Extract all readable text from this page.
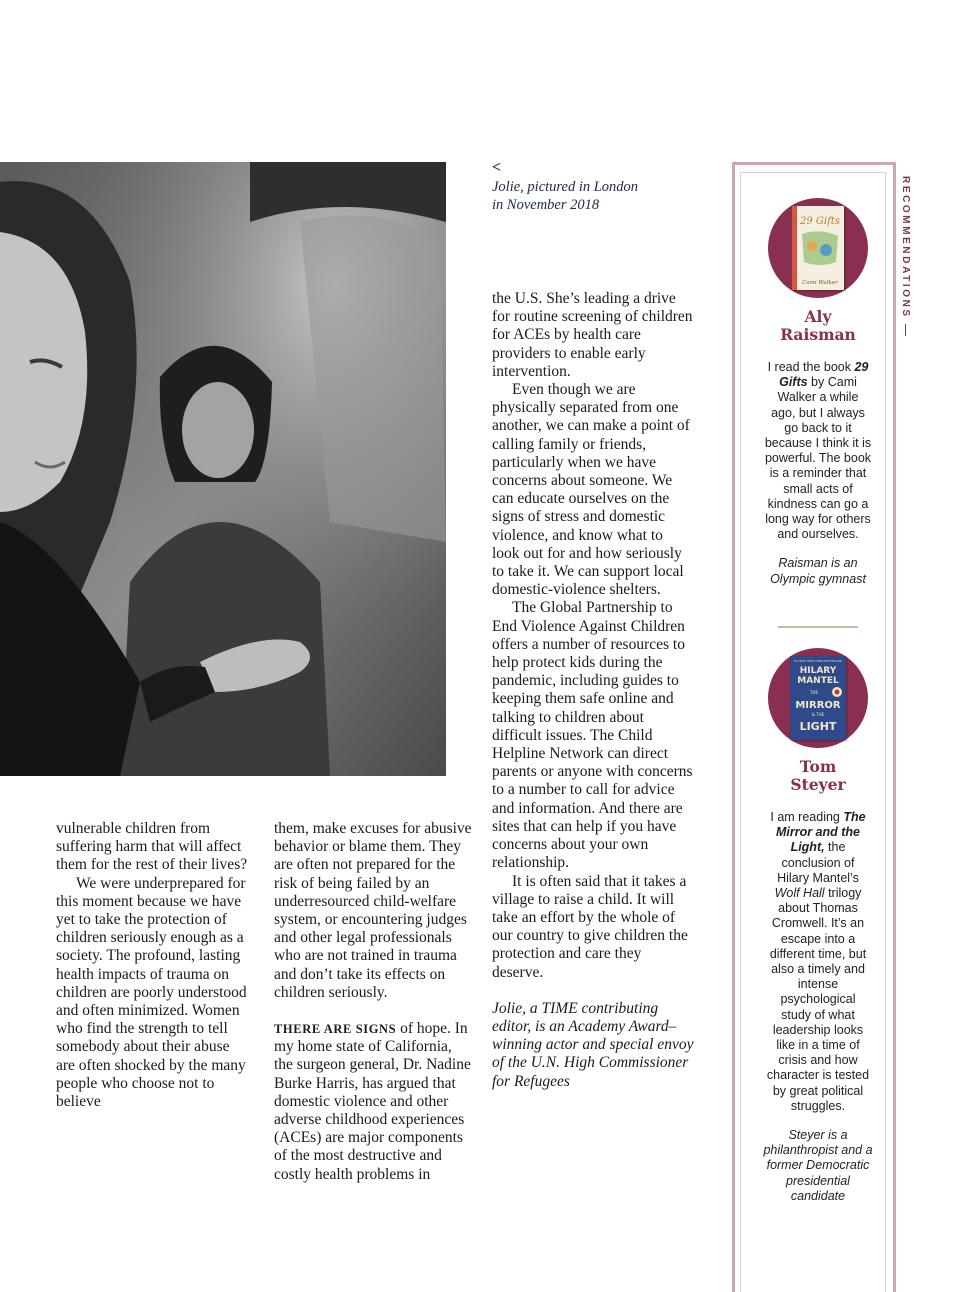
<
Jolie, pictured in London
in November 2018

vulnerable children from suffering harm that will affect them for the rest of their lives?

We were underprepared for this moment because we have yet to take the protection of children seriously enough as a society. The profound, lasting health impacts of trauma on children are poorly understood and often minimized. Women who find the strength to tell somebody about their abuse are often shocked by the many people who choose not to believe

them, make excuses for abusive behavior or blame them. They are often not prepared for the risk of being failed by an underresourced child-welfare system, or encountering judges and other legal professionals who are not trained in trauma and don’t take its effects on children seriously.

THERE ARE SIGNS of hope. In my home state of California, the surgeon general, Dr. Nadine Burke Harris, has argued that domestic violence and other adverse childhood experiences (ACEs) are major components of the most destructive and costly health problems in

the U.S. She’s leading a drive for routine screening of children for ACEs by health care providers to enable early intervention.

Even though we are physically separated from one another, we can make a point of calling family or friends, particularly when we have concerns about someone. We can educate ourselves on the signs of stress and domestic violence, and know what to look out for and how seriously to take it. We can support local domestic-violence shelters.

The Global Partnership to End Violence Against Children offers a number of resources to help protect kids during the pandemic, including guides to keeping them safe online and talking to children about difficult issues. The Child Helpline Network can direct parents or anyone with concerns to a number to call for advice and information. And there are sites that can help if you have concerns about your own relationship.

It is often said that it takes a village to raise a child. It will take an effort by the whole of our country to give children the protection and care they deserve.

Jolie, a TIME contributing editor, is an Academy Award–winning actor and special envoy of the U.N. High Commissioner for Refugees

RECOMMENDATIONS
29 Gifts
Cami Walker
Aly
Raisman
I read the book 29 Gifts by Cami Walker a while ago, but I always go back to it because I think it is powerful. The book is a reminder that small acts of kindness can go a long way for others and ourselves.
Raisman is an Olympic gymnast
#1 NEW YORK TIMES BESTSELLER
HILARY
MANTEL
THE
MIRROR
& THE
LIGHT
Tom
Steyer
I am reading The Mirror and the Light, the conclusion of Hilary Mantel’s Wolf Hall trilogy about Thomas Cromwell. It’s an escape into a different time, but also a timely and intense psychological study of what leadership looks like in a time of crisis and how character is tested by great political struggles.
Steyer is a philanthropist and a former Democratic presidential candidate
